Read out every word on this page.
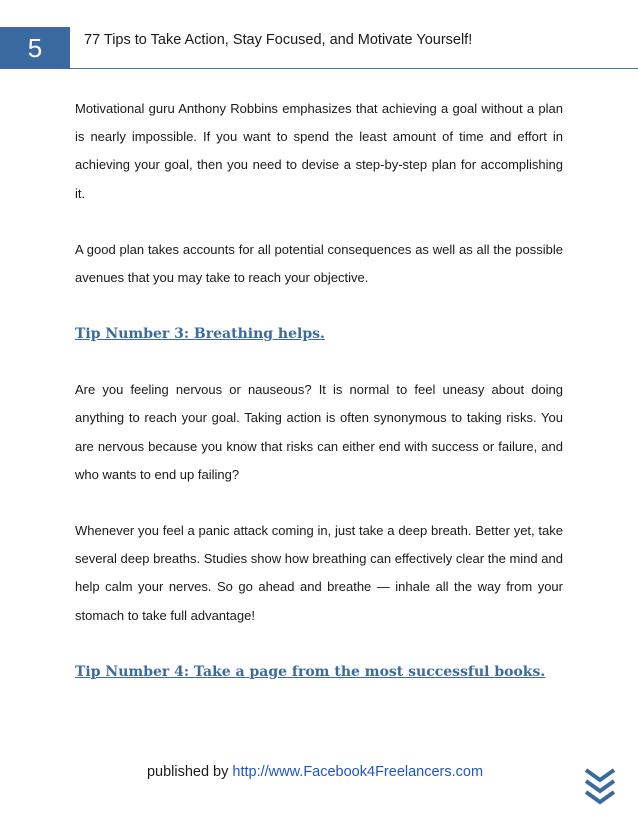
5	77 Tips to Take Action, Stay Focused, and Motivate Yourself!

Motivational guru Anthony Robbins emphasizes that achieving a goal without a plan is nearly impossible. If you want to spend the least amount of time and effort in achieving your goal, then you need to devise a step-by-step plan for accomplishing it.

A good plan takes accounts for all potential consequences as well as all the possible avenues that you may take to reach your objective.

Tip Number 3: Breathing helps.

Are you feeling nervous or nauseous? It is normal to feel uneasy about doing anything to reach your goal. Taking action is often synonymous to taking risks. You are nervous because you know that risks can either end with success or failure, and who wants to end up failing?

Whenever you feel a panic attack coming in, just take a deep breath. Better yet, take several deep breaths. Studies show how breathing can effectively clear the mind and help calm your nerves. So go ahead and breathe — inhale all the way from your stomach to take full advantage!

Tip Number 4: Take a page from the most successful books.
published by http://www.Facebook4Freelancers.com
